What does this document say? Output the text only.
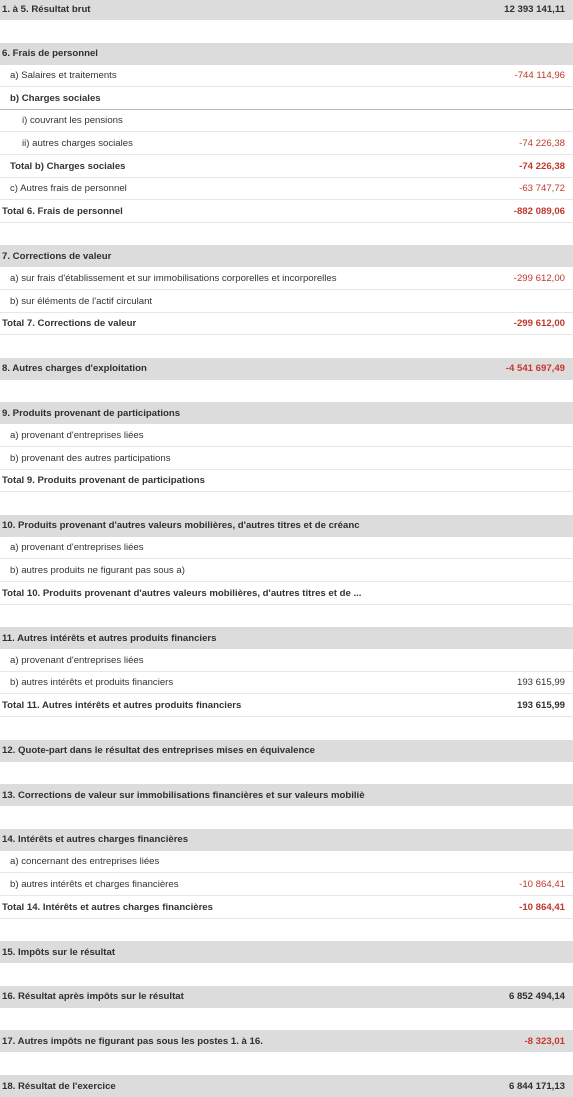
1. à 5. Résultat brut	12 393 141,11
6. Frais de personnel
a) Salaires et traitements	-744 114,96
b) Charges sociales
i) couvrant les pensions
ii) autres charges sociales	-74 226,38
Total b) Charges sociales	-74 226,38
c) Autres frais de personnel	-63 747,72
Total 6. Frais de personnel	-882 089,06
7. Corrections de valeur
a) sur frais d'établissement et sur immobilisations corporelles et incorporelles	-299 612,00
b) sur éléments de l'actif circulant
Total 7. Corrections de valeur	-299 612,00
8. Autres charges d'exploitation	-4 541 697,49
9. Produits provenant de participations
a) provenant d'entreprises liées
b) provenant des autres participations
Total 9. Produits provenant de participations
10. Produits provenant d'autres valeurs mobilières, d'autres titres et de créanc
a) provenant d'entreprises liées
b) autres produits ne figurant pas sous a)
Total 10. Produits provenant d'autres valeurs mobilières, d'autres titres et de ...
11. Autres intérêts et autres produits financiers
a) provenant d'entreprises liées
b) autres intérêts et produits financiers	193 615,99
Total 11. Autres intérêts et autres produits financiers	193 615,99
12. Quote-part dans le résultat des entreprises mises en équivalence
13. Corrections de valeur sur immobilisations financières et sur valeurs mobiliè
14. Intérêts et autres charges financières
a) concernant des entreprises liées
b) autres intérêts et charges financières	-10 864,41
Total 14. Intérêts et autres charges financières	-10 864,41
15. Impôts sur le résultat
16. Résultat après impôts sur le résultat	6 852 494,14
17. Autres impôts ne figurant pas sous les postes 1. à 16.	-8 323,01
18. Résultat de l'exercice	6 844 171,13
